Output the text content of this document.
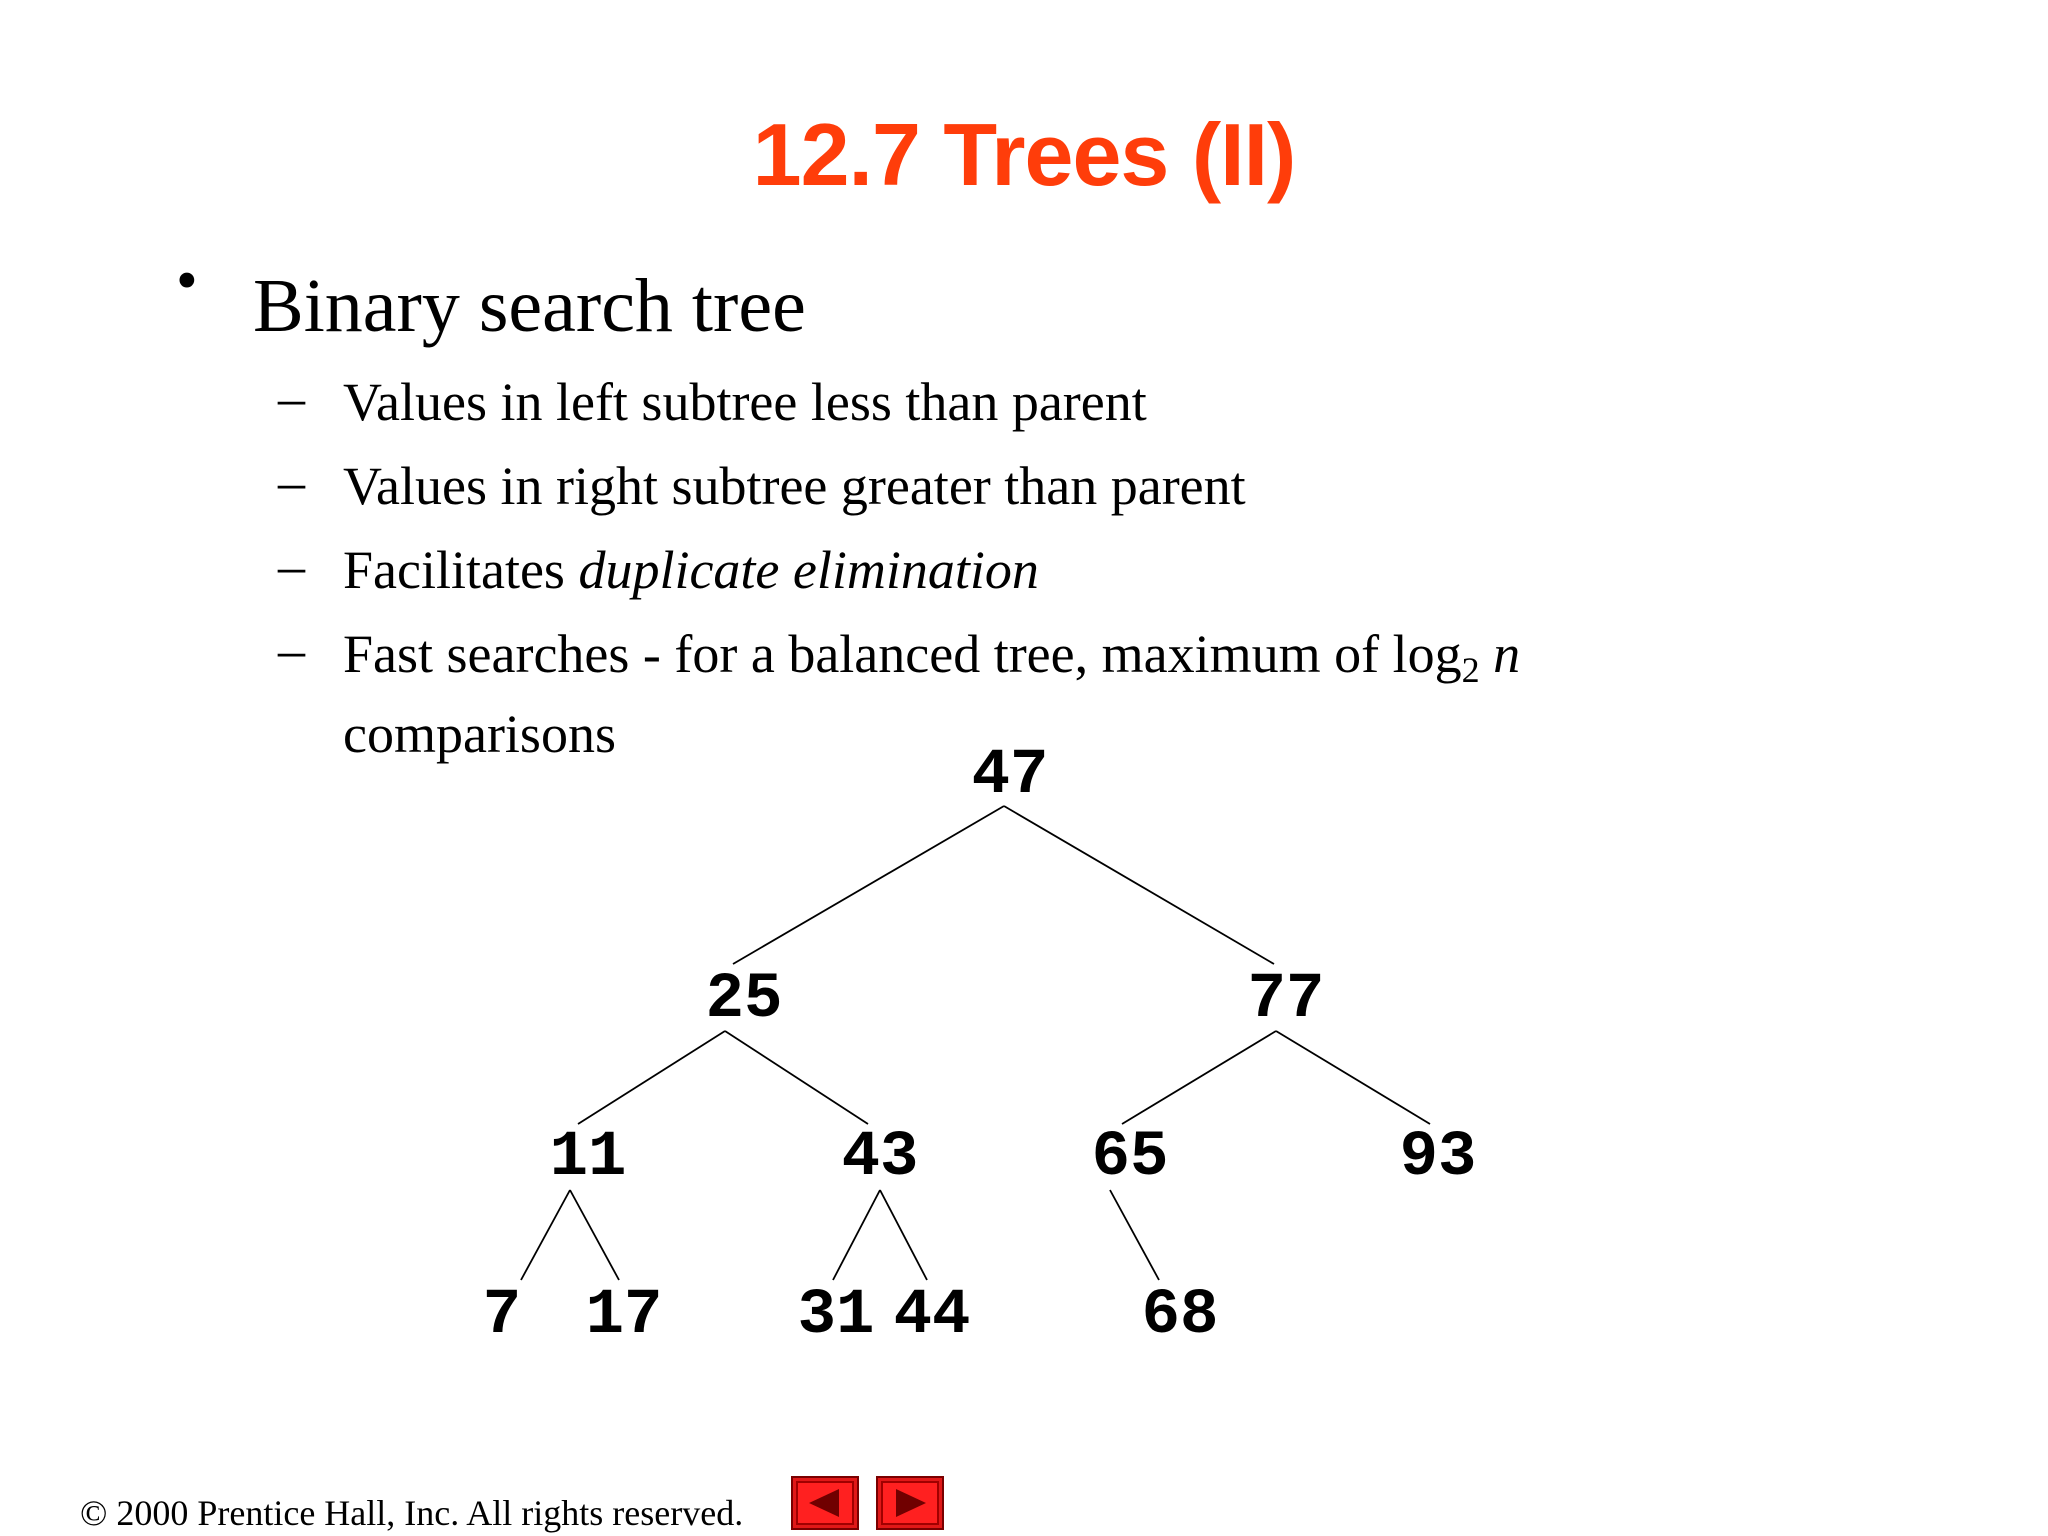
12.7 Trees (II)
• Binary search tree
– Values in left subtree less than parent
– Values in right subtree greater than parent
– Facilitates duplicate elimination
– Fast searches - for a balanced tree, maximum of $\log_2 n$
comparisons
47
25	77
11	43	65	93
7 17 31 44	68
© 2000 Prentice Hall, Inc. All rights reserved.
